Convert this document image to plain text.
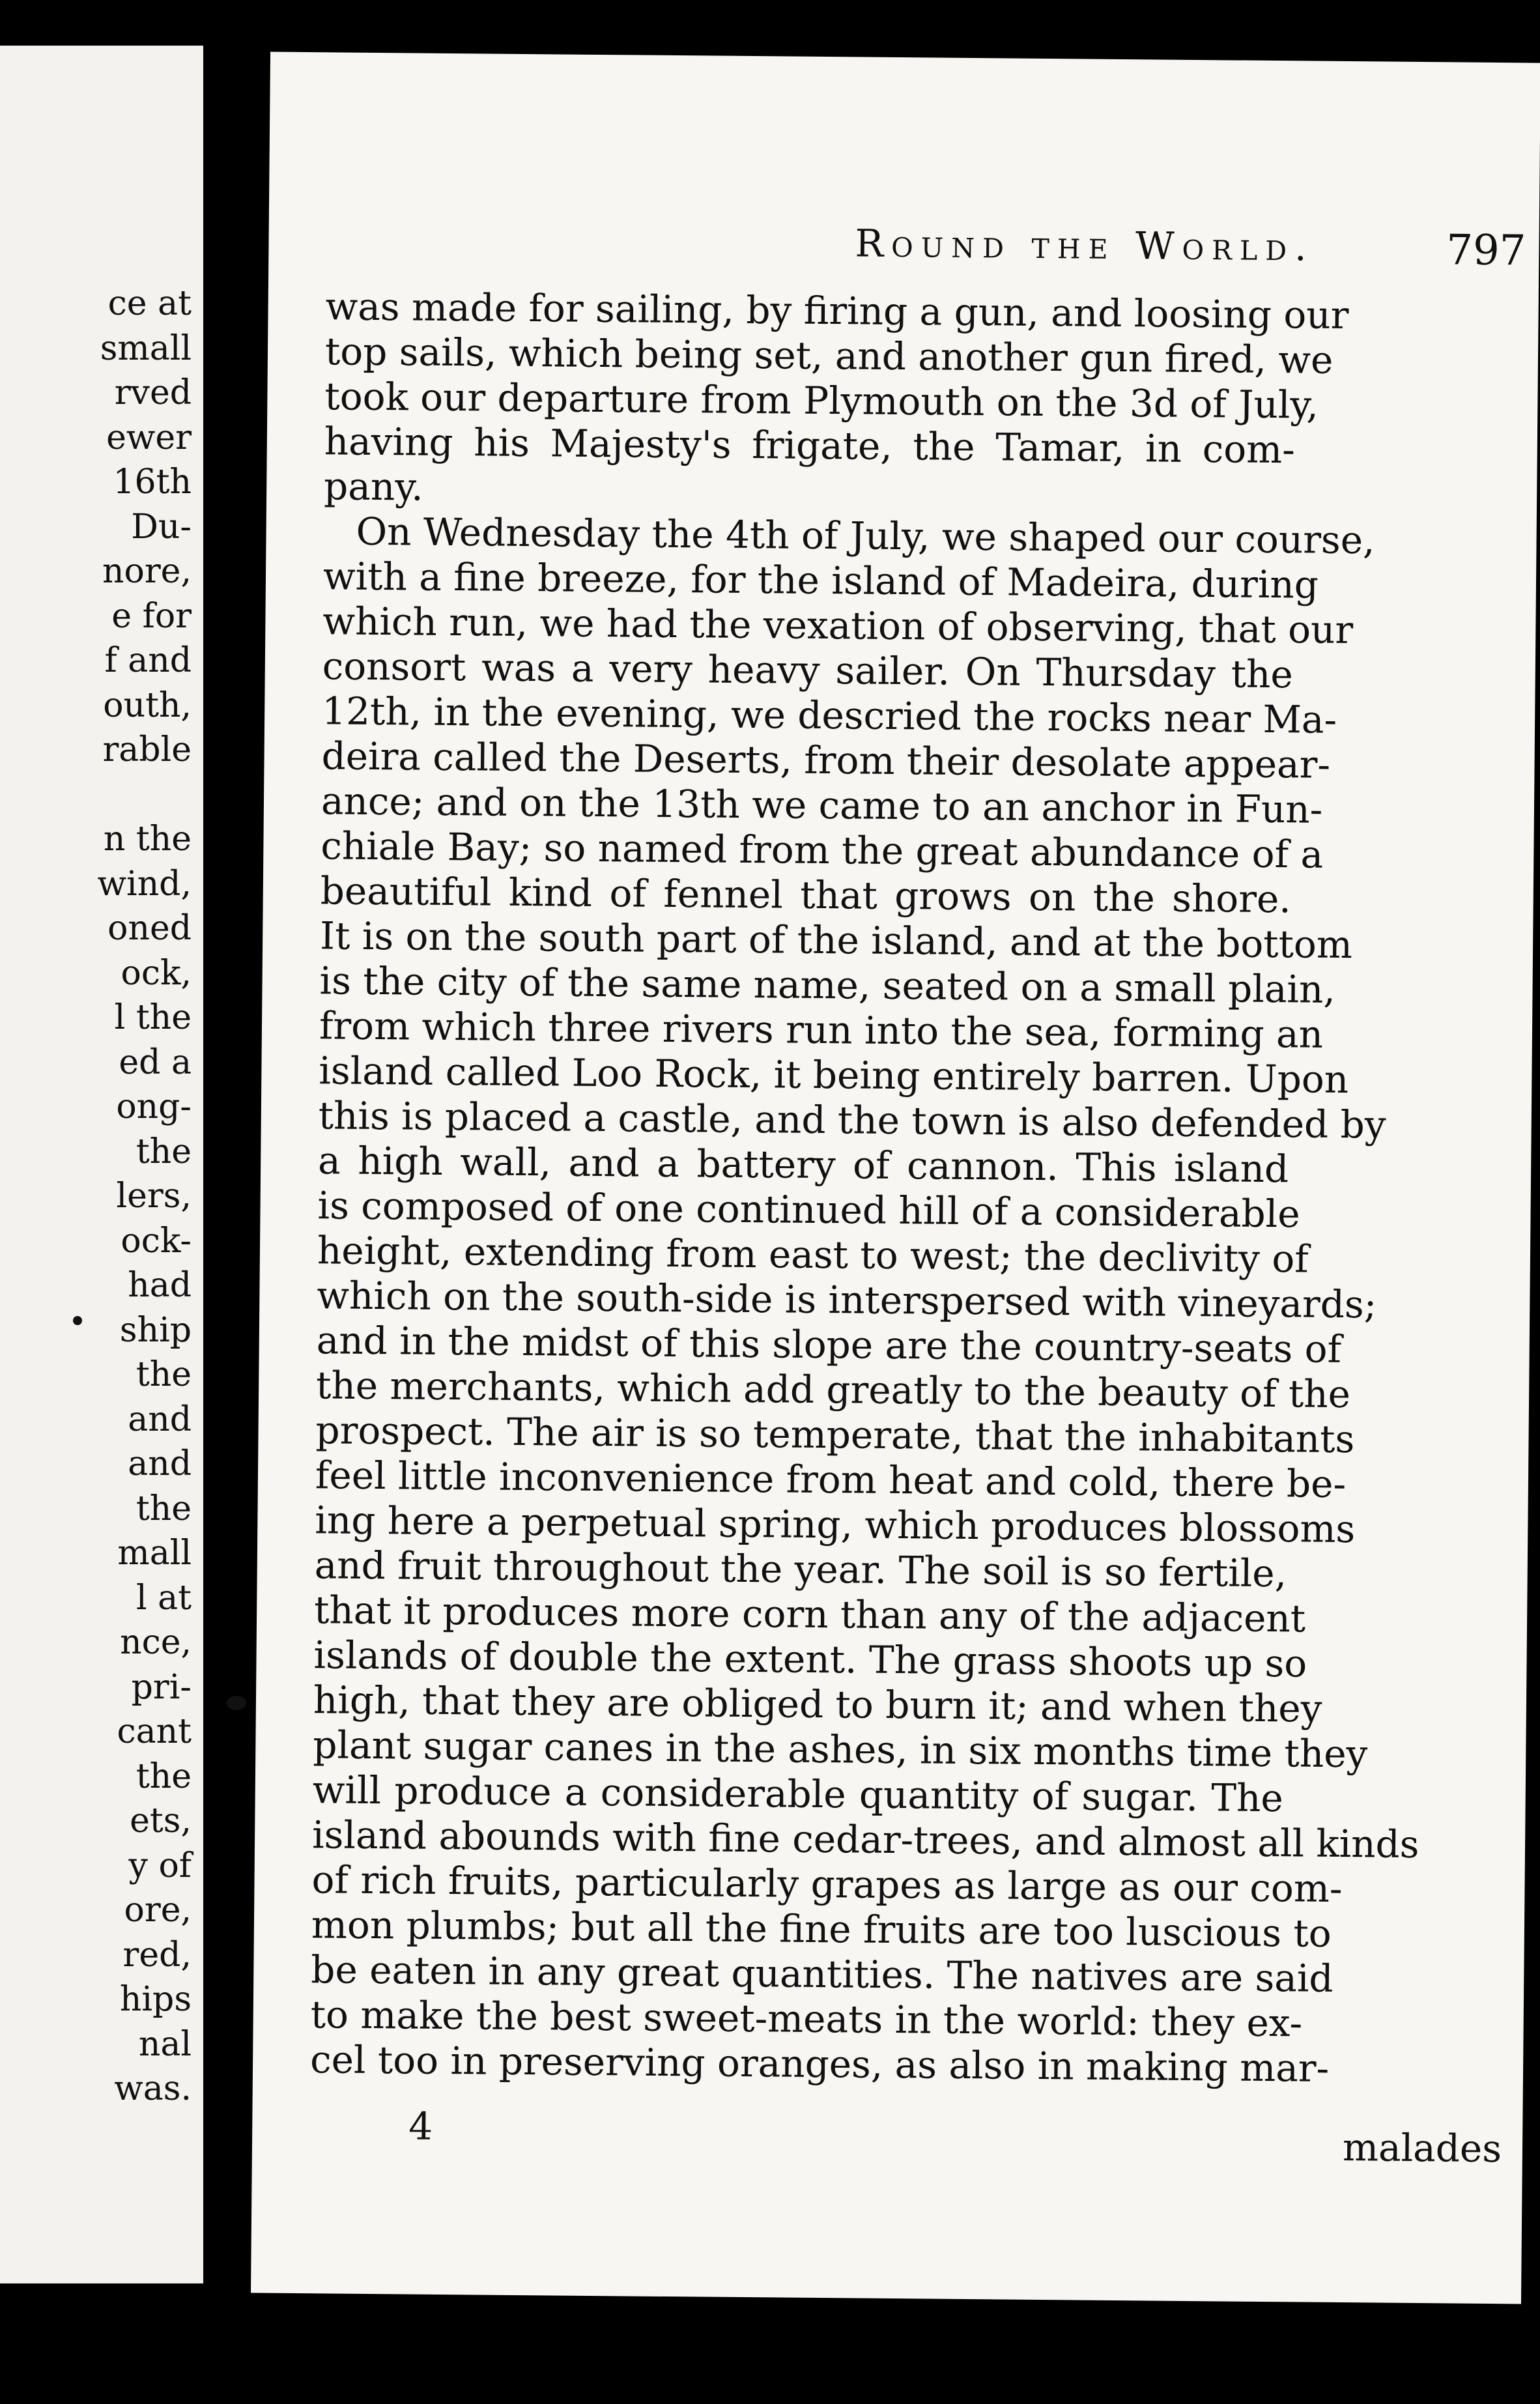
ce at
small
rved
ewer
16th
Du-
nore,
e for
f and
outh,
rable
n the
wind,
oned
ock,
l the
ed a
ong-
the
lers,
ock-
had
ship
the
and
and
the
mall
l at
nce,
pri-
cant
the
ets,
y of
ore,
red,
hips
nal
was.
Round the World.	797
was made for sailing, by firing a gun, and loosing our
top sails, which being set, and another gun fired, we
took our departure from Plymouth on the 3d of July,
having his Majesty's frigate, the Tamar, in com-
pany.
On Wednesday the 4th of July, we shaped our course,
with a fine breeze, for the island of Madeira, during
which run, we had the vexation of observing, that our
consort was a very heavy sailer. On Thursday the
12th, in the evening, we descried the rocks near Ma-
deira called the Deserts, from their desolate appear-
ance; and on the 13th we came to an anchor in Fun-
chiale Bay; so named from the great abundance of a
beautiful kind of fennel that grows on the shore.
It is on the south part of the island, and at the bottom
is the city of the same name, seated on a small plain,
from which three rivers run into the sea, forming an
island called Loo Rock, it being entirely barren. Upon
this is placed a castle, and the town is also defended by
a high wall, and a battery of cannon. This island
is composed of one continued hill of a considerable
height, extending from east to west; the declivity of
which on the south-side is interspersed with vineyards;
and in the midst of this slope are the country-seats of
the merchants, which add greatly to the beauty of the
prospect. The air is so temperate, that the inhabitants
feel little inconvenience from heat and cold, there be-
ing here a perpetual spring, which produces blossoms
and fruit throughout the year. The soil is so fertile,
that it produces more corn than any of the adjacent
islands of double the extent. The grass shoots up so
high, that they are obliged to burn it; and when they
plant sugar canes in the ashes, in six months time they
will produce a considerable quantity of sugar. The
island abounds with fine cedar-trees, and almost all kinds
of rich fruits, particularly grapes as large as our com-
mon plumbs; but all the fine fruits are too luscious to
be eaten in any great quantities. The natives are said
to make the best sweet-meats in the world: they ex-
cel too in preserving oranges, as also in making mar-
4	malades
